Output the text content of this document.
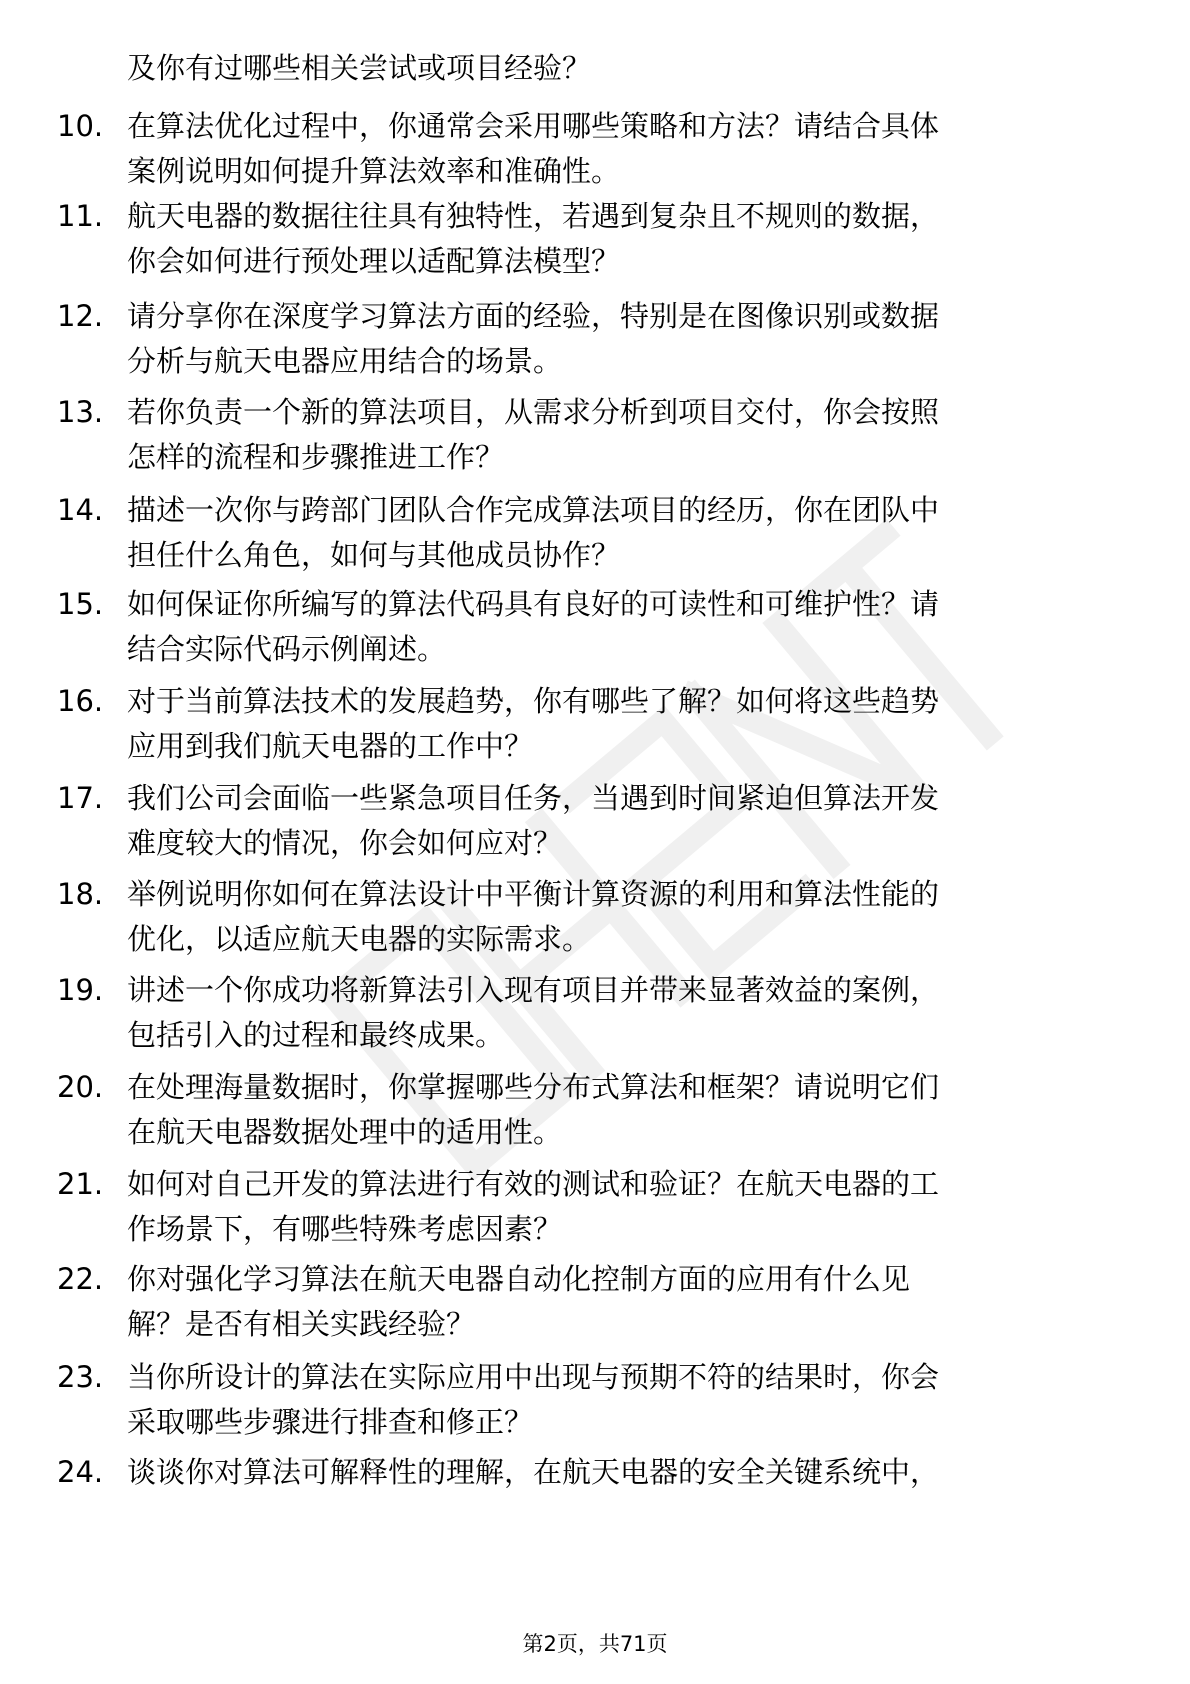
及你有过哪些相关尝试或项目经验？
10. 在算法优化过程中，你通常会采用哪些策略和方法？请结合具体
案例说明如何提升算法效率和准确性。
11. 航天电器的数据往往具有独特性，若遇到复杂且不规则的数据，
你会如何进行预处理以适配算法模型？
12. 请分享你在深度学习算法方面的经验，特别是在图像识别或数据
分析与航天电器应用结合的场景。
13. 若你负责一个新的算法项目，从需求分析到项目交付，你会按照
怎样的流程和步骤推进工作？
14. 描述一次你与跨部门团队合作完成算法项目的经历，你在团队中
担任什么角色，如何与其他成员协作？
15. 如何保证你所编写的算法代码具有良好的可读性和可维护性？请
结合实际代码示例阐述。
16. 对于当前算法技术的发展趋势，你有哪些了解？如何将这些趋势
应用到我们航天电器的工作中？
17. 我们公司会面临一些紧急项目任务，当遇到时间紧迫但算法开发
难度较大的情况，你会如何应对？
18. 举例说明你如何在算法设计中平衡计算资源的利用和算法性能的
优化，以适应航天电器的实际需求。
19. 讲述一个你成功将新算法引入现有项目并带来显著效益的案例，
包括引入的过程和最终成果。
20. 在处理海量数据时，你掌握哪些分布式算法和框架？请说明它们
在航天电器数据处理中的适用性。
21. 如何对自己开发的算法进行有效的测试和验证？在航天电器的工
作场景下，有哪些特殊考虑因素？
22. 你对强化学习算法在航天电器自动化控制方面的应用有什么见
解？是否有相关实践经验？
23. 当你所设计的算法在实际应用中出现与预期不符的结果时，你会
采取哪些步骤进行排查和修正？
24. 谈谈你对算法可解释性的理解，在航天电器的安全关键系统中，
第2页，共71页
